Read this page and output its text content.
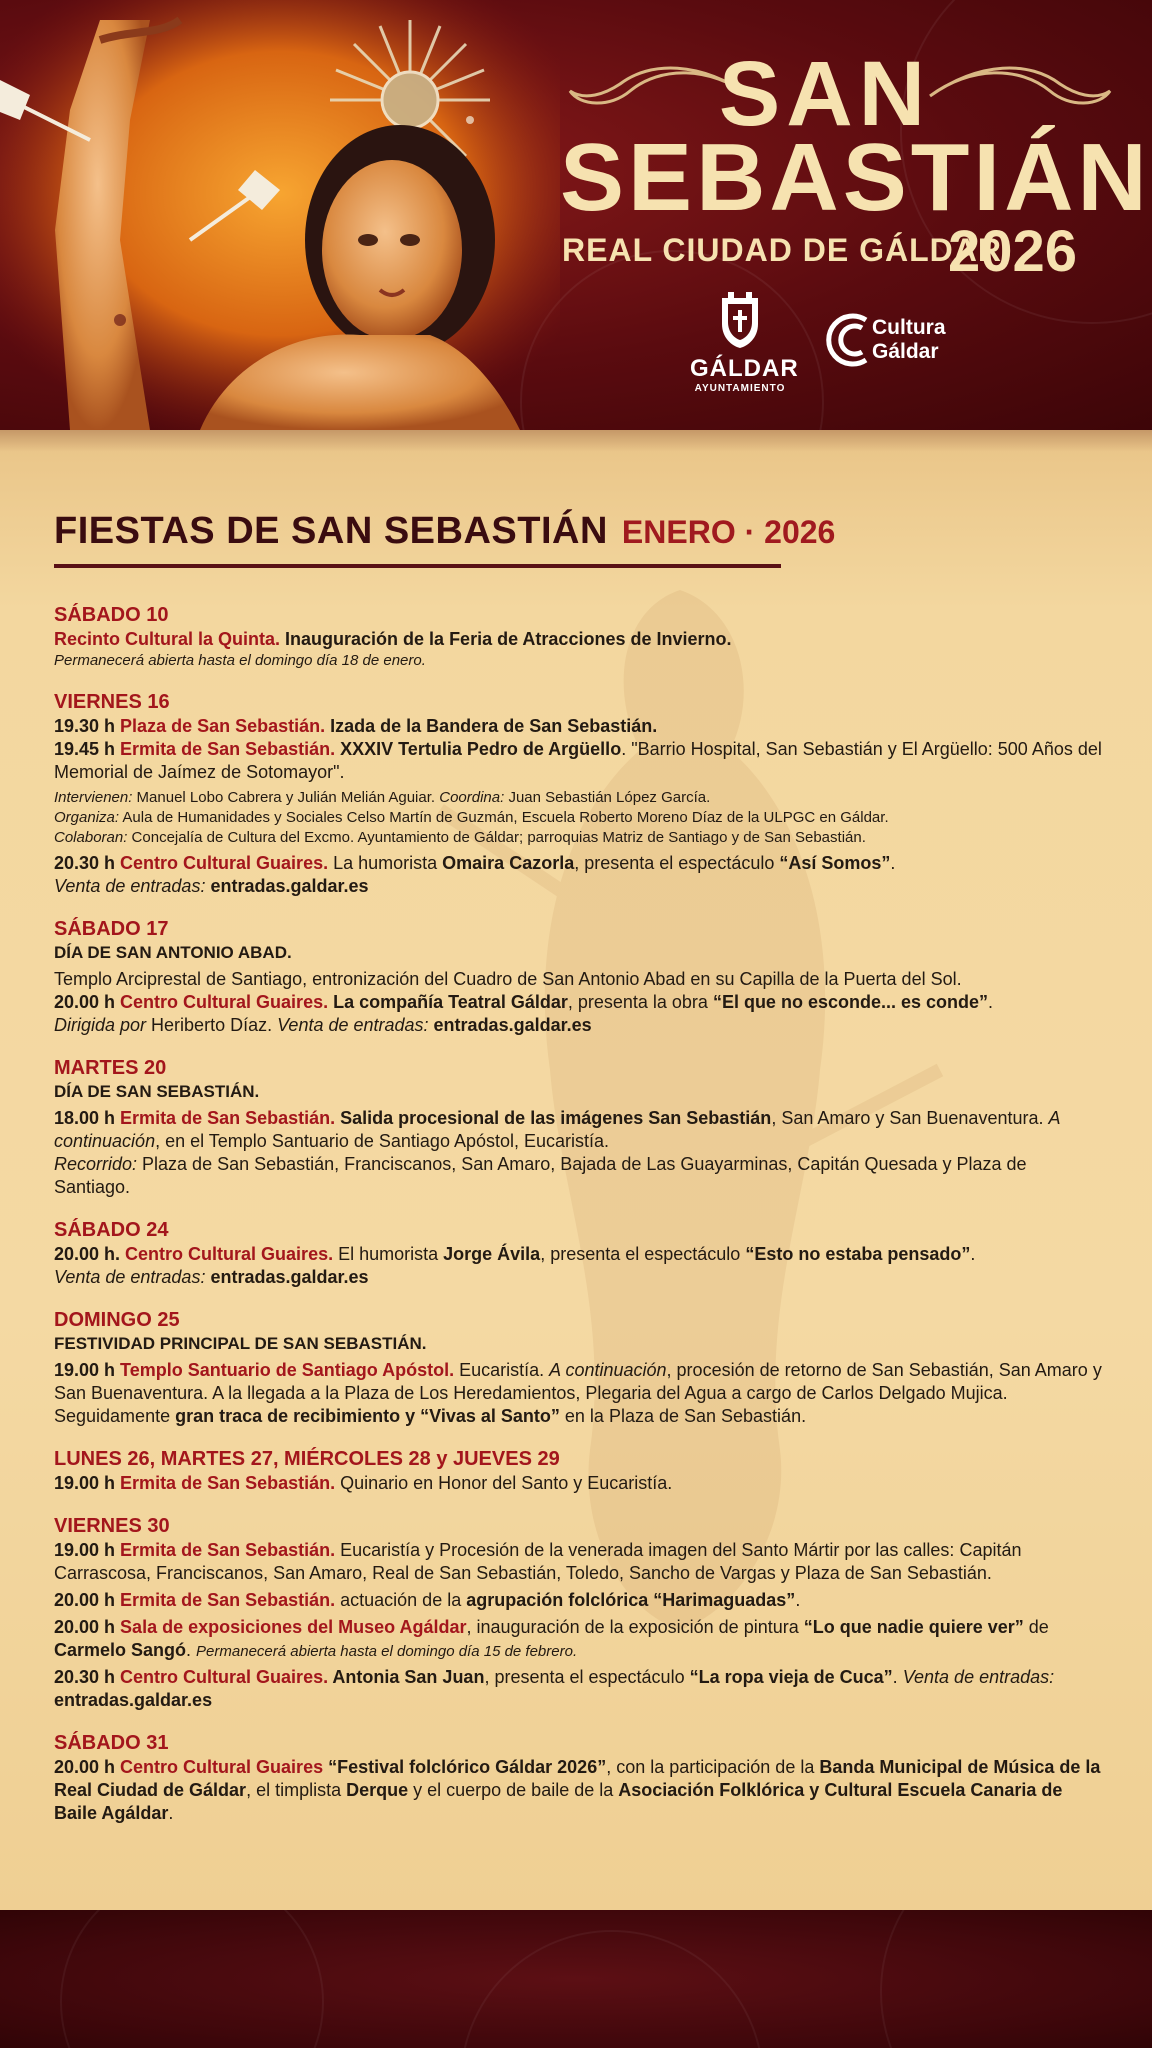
SAN
SEBASTIÁN
REAL CIUDAD DE GÁLDAR
2026
GÁLDAR
AYUNTAMIENTO
Cultura
Gáldar
FIESTAS DE SAN SEBASTIÁN ENERO · 2026
SÁBADO 10

Recinto Cultural la Quinta. Inauguración de la Feria de Atracciones de Invierno.

Permanecerá abierta hasta el domingo día 18 de enero.

VIERNES 16

19.30 h Plaza de San Sebastián. Izada de la Bandera de San Sebastián.

19.45 h Ermita de San Sebastián. XXXIV Tertulia Pedro de Argüello. "Barrio Hospital, San Sebastián y El Argüello: 500 Años del Memorial de Jaímez de Sotomayor".

Intervienen: Manuel Lobo Cabrera y Julián Melián Aguiar. Coordina: Juan Sebastián López García.

Organiza: Aula de Humanidades y Sociales Celso Martín de Guzmán, Escuela Roberto Moreno Díaz de la ULPGC en Gáldar.

Colaboran: Concejalía de Cultura del Excmo. Ayuntamiento de Gáldar; parroquias Matriz de Santiago y de San Sebastián.

20.30 h Centro Cultural Guaires. La humorista Omaira Cazorla, presenta el espectáculo “Así Somos”.

Venta de entradas: entradas.galdar.es

SÁBADO 17
DÍA DE SAN ANTONIO ABAD.

Templo Arciprestal de Santiago, entronización del Cuadro de San Antonio Abad en su Capilla de la Puerta del Sol.

20.00 h Centro Cultural Guaires. La compañía Teatral Gáldar, presenta la obra “El que no esconde... es conde”.

Dirigida por Heriberto Díaz. Venta de entradas: entradas.galdar.es

MARTES 20
DÍA DE SAN SEBASTIÁN.

18.00 h Ermita de San Sebastián. Salida procesional de las imágenes San Sebastián, San Amaro y San Buenaventura. A continuación, en el Templo Santuario de Santiago Apóstol, Eucaristía.

Recorrido: Plaza de San Sebastián, Franciscanos, San Amaro, Bajada de Las Guayarminas, Capitán Quesada y Plaza de Santiago.

SÁBADO 24

20.00 h. Centro Cultural Guaires. El humorista Jorge Ávila, presenta el espectáculo “Esto no estaba pensado”.

Venta de entradas: entradas.galdar.es

DOMINGO 25
FESTIVIDAD PRINCIPAL DE SAN SEBASTIÁN.

19.00 h Templo Santuario de Santiago Apóstol. Eucaristía. A continuación, procesión de retorno de San Sebastián, San Amaro y San Buenaventura. A la llegada a la Plaza de Los Heredamientos, Plegaria del Agua a cargo de Carlos Delgado Mujica. Seguidamente gran traca de recibimiento y “Vivas al Santo” en la Plaza de San Sebastián.

LUNES 26, MARTES 27, MIÉRCOLES 28 y JUEVES 29

19.00 h Ermita de San Sebastián. Quinario en Honor del Santo y Eucaristía.

VIERNES 30

19.00 h Ermita de San Sebastián. Eucaristía y Procesión de la venerada imagen del Santo Mártir por las calles: Capitán Carrascosa, Franciscanos, San Amaro, Real de San Sebastián, Toledo, Sancho de Vargas y Plaza de San Sebastián.

20.00 h Ermita de San Sebastián. actuación de la agrupación folclórica “Harimaguadas”.

20.00 h Sala de exposiciones del Museo Agáldar, inauguración de la exposición de pintura “Lo que nadie quiere ver” de Carmelo Sangó. Permanecerá abierta hasta el domingo día 15 de febrero.

20.30 h Centro Cultural Guaires. Antonia San Juan, presenta el espectáculo “La ropa vieja de Cuca”. Venta de entradas: entradas.galdar.es

SÁBADO 31

20.00 h Centro Cultural Guaires “Festival folclórico Gáldar 2026”, con la participación de la Banda Municipal de Música de la Real Ciudad de Gáldar, el timplista Derque y el cuerpo de baile de la Asociación Folklórica y Cultural Escuela Canaria de Baile Agáldar.
